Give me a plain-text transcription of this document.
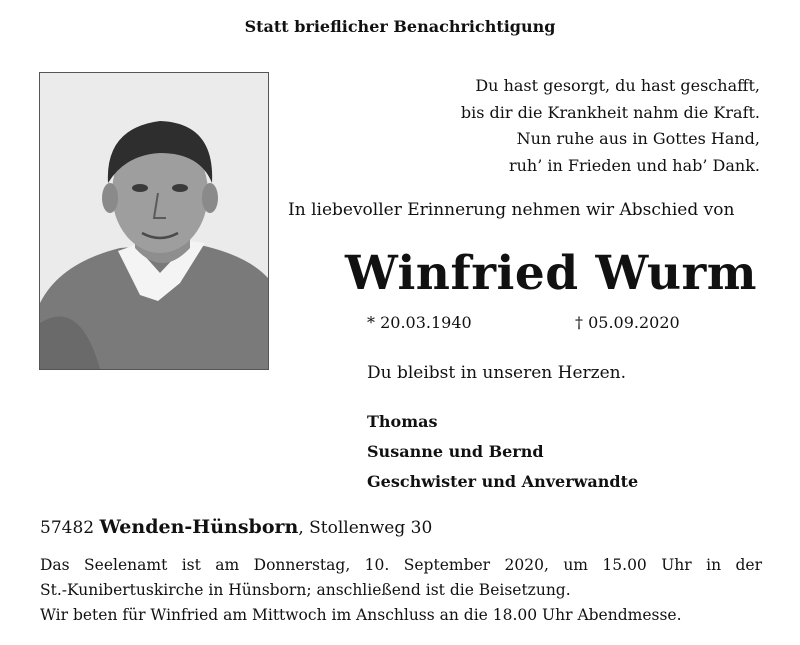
Statt brieflicher Benachrichtigung
Du hast gesorgt, du hast geschafft,
bis dir die Krankheit nahm die Kraft.
Nun ruhe aus in Gottes Hand,
ruh’ in Frieden und hab’ Dank.
In liebevoller Erinnerung nehmen wir Abschied von
Winfried Wurm
* 20.03.1940	† 05.09.2020
Du bleibst in unseren Herzen.
Thomas
Susanne und Bernd
Geschwister und Anverwandte
57482 Wenden-Hünsborn, Stollenweg 30
Das Seelenamt ist am Donnerstag, 10. September 2020, um 15.00 Uhr in der
St.-Kunibertuskirche in Hünsborn; anschließend ist die Beisetzung.
Wir beten für Winfried am Mittwoch im Anschluss an die 18.00 Uhr Abendmesse.
